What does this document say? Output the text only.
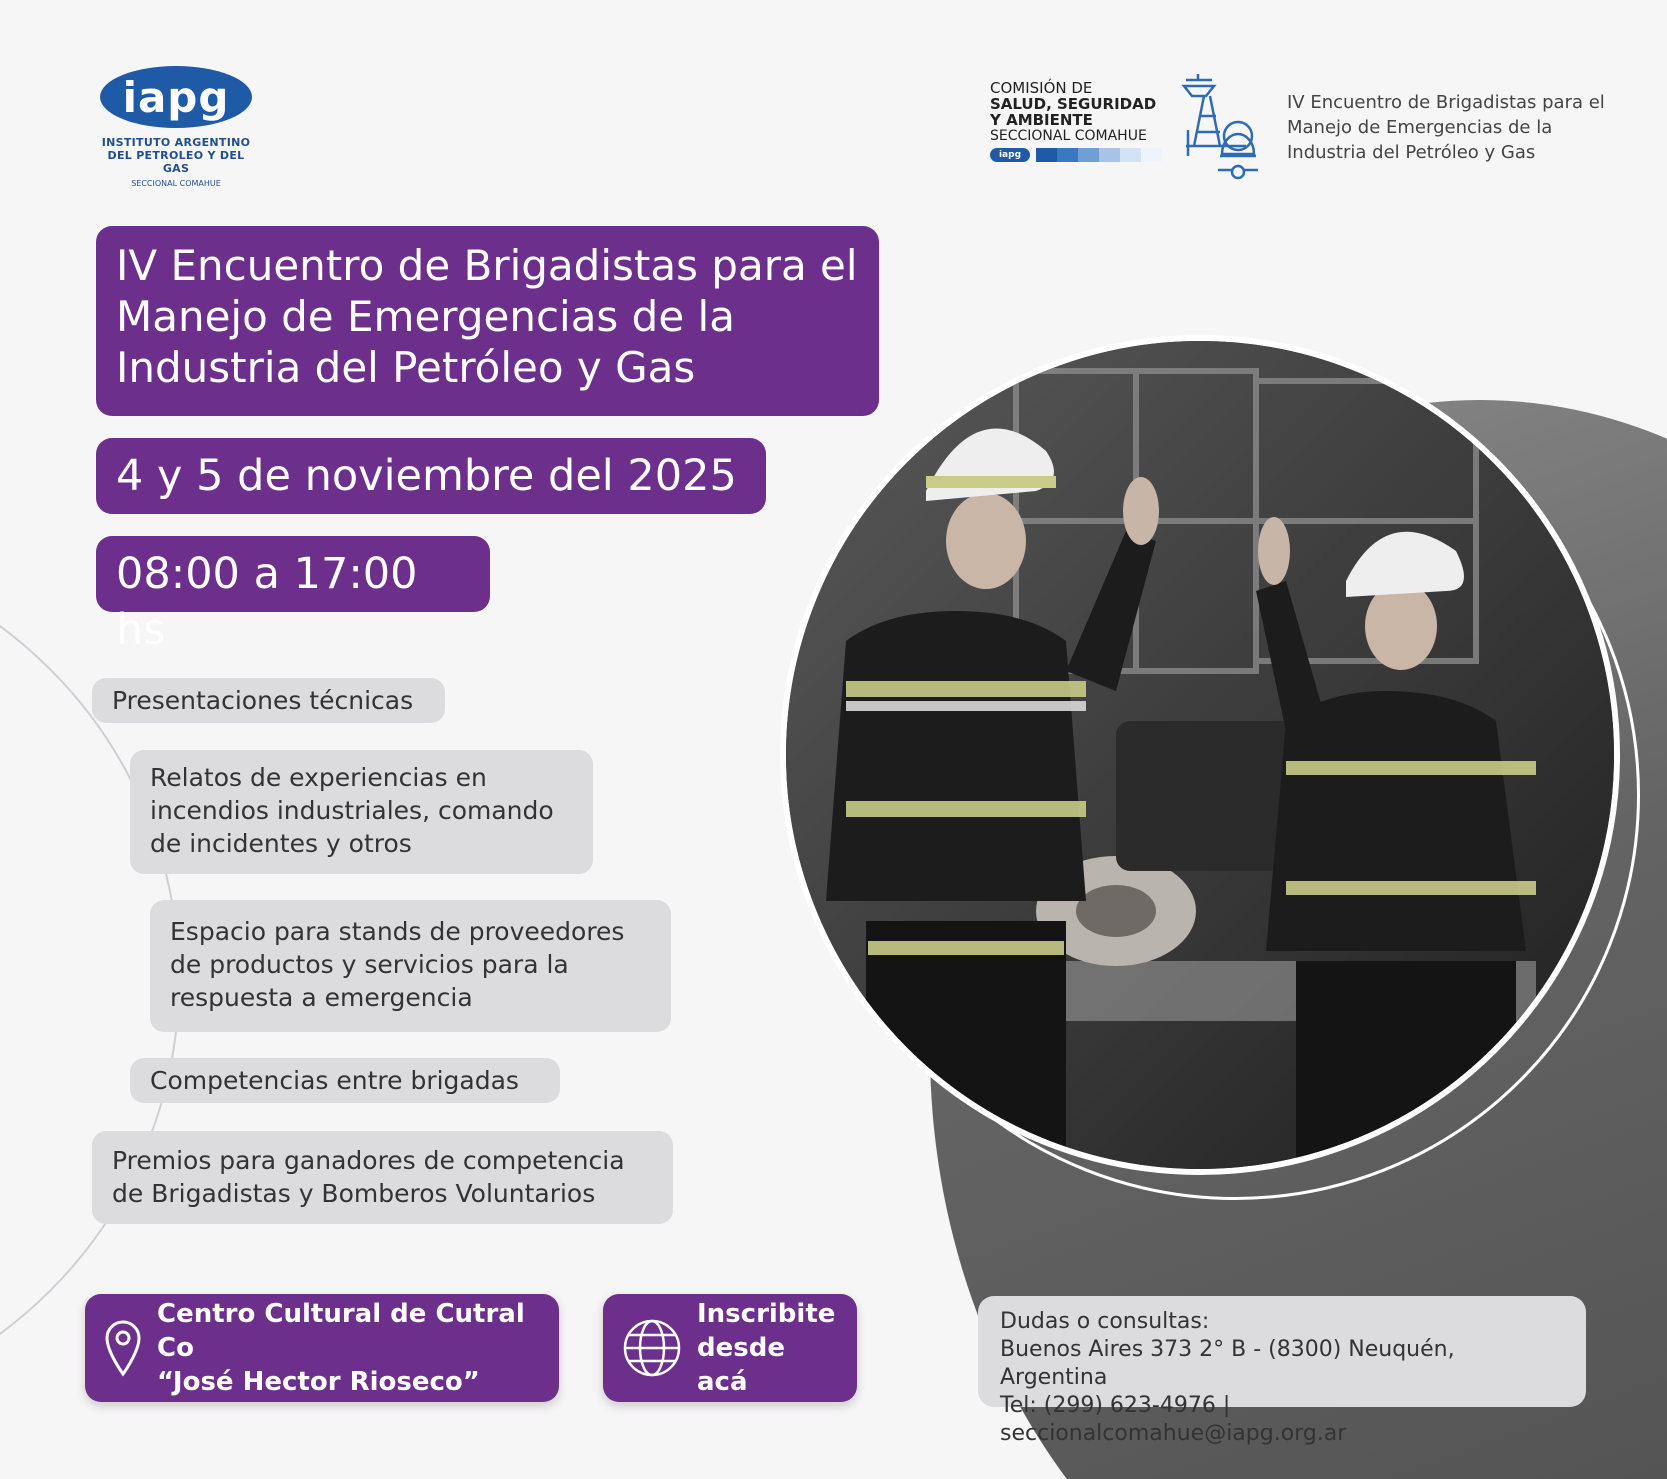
iapg
INSTITUTO ARGENTINO
DEL PETROLEO Y DEL GAS
SECCIONAL COMAHUE
COMISIÓN DE
SALUD, SEGURIDAD
Y AMBIENTE
SECCIONAL COMAHUE
iapg
IV Encuentro de Brigadistas para el Manejo de Emergencias de la Industria del Petróleo y Gas
IV Encuentro de Brigadistas para el Manejo de Emergencias de la Industria del Petróleo y Gas
4 y 5 de noviembre del 2025
08:00 a 17:00 hs
Presentaciones técnicas
Relatos de experiencias en incendios industriales, comando de incidentes y otros
Espacio para stands de proveedores de productos y servicios para la respuesta a emergencia
Competencias entre brigadas
Premios para ganadores de competencia de Brigadistas y Bomberos Voluntarios
Centro Cultural de Cutral Co
“José Hector Rioseco”
Inscribite
desde acá
Dudas o consultas:
Buenos Aires 373 2° B - (8300) Neuquén, Argentina
Tel: (299) 623-4976 | seccionalcomahue@iapg.org.ar
